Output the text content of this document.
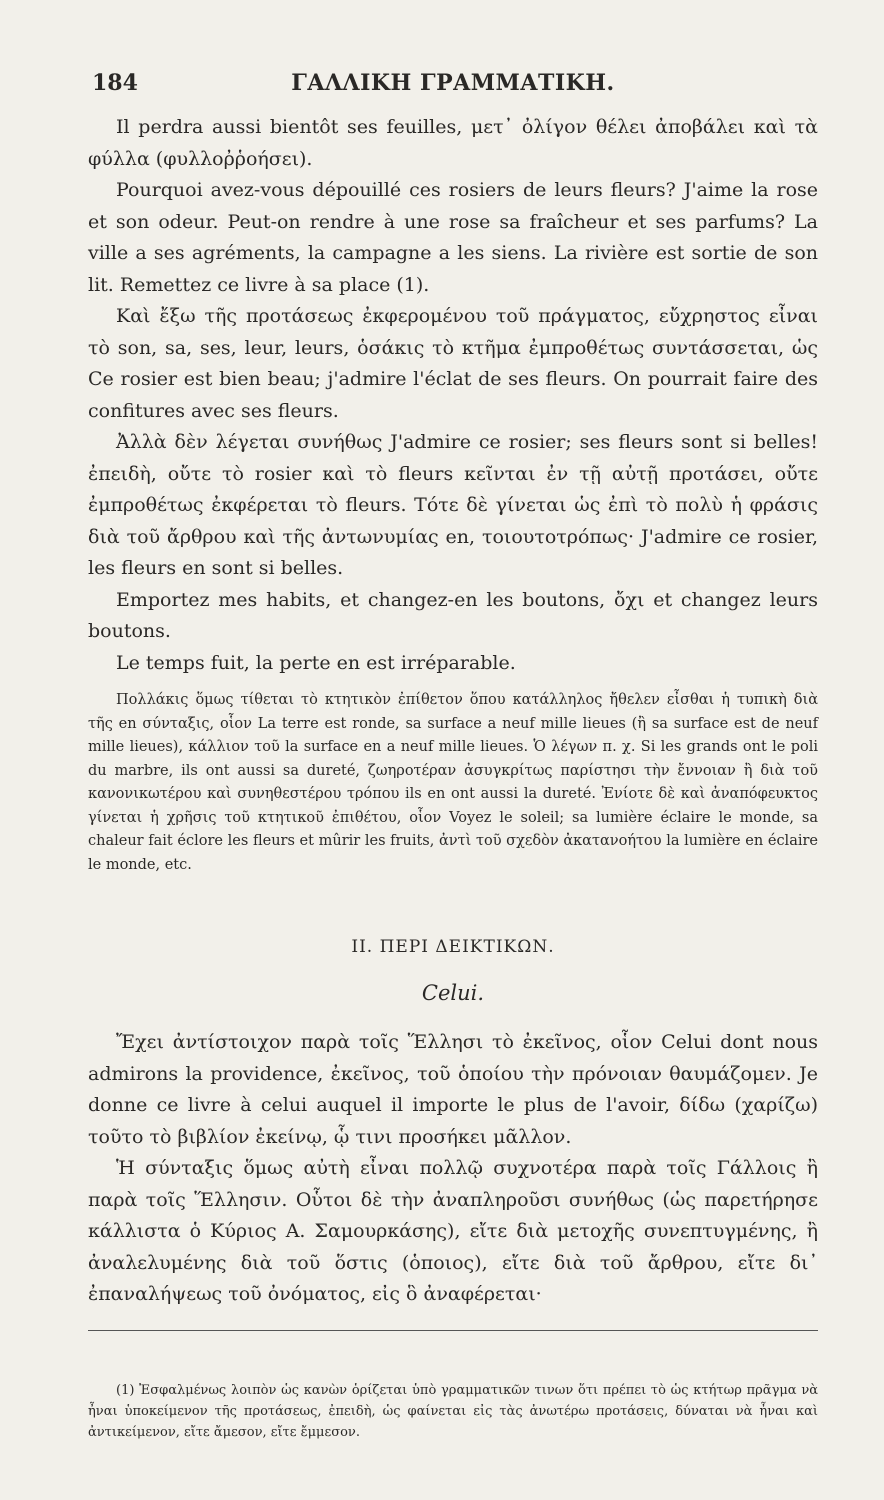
184	ΓΑΛΛΙΚΗ ΓΡΑΜΜΑΤΙΚΗ.

Il perdra aussi bientôt ses feuilles, μετ᾽ ὀλίγον θέλει ἀποβάλει καὶ τὰ φύλλα (φυλλοῤῥοήσει).

Pourquoi avez-vous dépouillé ces rosiers de leurs fleurs? J'aime la rose et son odeur. Peut-on rendre à une rose sa fraîcheur et ses parfums? La ville a ses agréments, la campagne a les siens. La rivière est sortie de son lit. Remettez ce livre à sa place (1).

Καὶ ἔξω τῆς προτάσεως ἐκφερομένου τοῦ πράγματος, εὔχρηστος εἶναι τὸ son, sa, ses, leur, leurs, ὁσάκις τὸ κτῆμα ἐμπροθέτως συντάσσεται, ὡς Ce rosier est bien beau; j'admire l'éclat de ses fleurs. On pourrait faire des confitures avec ses fleurs.

Ἀλλὰ δὲν λέγεται συνήθως J'admire ce rosier; ses fleurs sont si belles! ἐπειδὴ, οὔτε τὸ rosier καὶ τὸ fleurs κεῖνται ἐν τῇ αὐτῇ προτάσει, οὔτε ἐμπροθέτως ἐκφέρεται τὸ fleurs. Τότε δὲ γίνεται ὡς ἐπὶ τὸ πολὺ ἡ φράσις διὰ τοῦ ἄρθρου καὶ τῆς ἀντωνυμίας en, τοιουτοτρόπως· J'admire ce rosier, les fleurs en sont si belles.

Emportez mes habits, et changez-en les boutons, ὄχι et changez leurs boutons.

Le temps fuit, la perte en est irréparable.

Πολλάκις ὅμως τίθεται τὸ κτητικὸν ἐπίθετον ὅπου κατάλληλος ἤθελεν εἶσθαι ἡ τυπικὴ διὰ τῆς en σύνταξις, οἷον La terre est ronde, sa surface a neuf mille lieues (ἢ sa surface est de neuf mille lieues), κάλλιον τοῦ la surface en a neuf mille lieues. Ὁ λέγων π. χ. Si les grands ont le poli du marbre, ils ont aussi sa dureté, ζωηροτέραν ἀσυγκρίτως παρίστησι τὴν ἔννοιαν ἢ διὰ τοῦ κανονικωτέρου καὶ συνηθεστέρου τρόπου ils en ont aussi la dureté. Ἐνίοτε δὲ καὶ ἀναπόφευκτος γίνεται ἡ χρῆσις τοῦ κτητικοῦ ἐπιθέτου, οἷον Voyez le soleil; sa lumière éclaire le monde, sa chaleur fait éclore les fleurs et mûrir les fruits, ἀντὶ τοῦ σχεδὸν ἀκατανοήτου la lumière en éclaire le monde, etc.

II. ΠΕΡΙ ΔΕΙΚΤΙΚΩΝ.
Celui.

Ἔχει ἀντίστοιχον παρὰ τοῖς Ἕλλησι τὸ ἐκεῖνος, οἷον Celui dont nous admirons la providence, ἐκεῖνος, τοῦ ὁποίου τὴν πρόνοιαν θαυμάζομεν. Je donne ce livre à celui auquel il importe le plus de l'avoir, δίδω (χαρίζω) τοῦτο τὸ βιβλίον ἐκείνῳ, ᾧ τινι προσήκει μᾶλλον.

Ἡ σύνταξις ὅμως αὐτὴ εἶναι πολλῷ συχνοτέρα παρὰ τοῖς Γάλλοις ἢ παρὰ τοῖς Ἕλλησιν. Οὗτοι δὲ τὴν ἀναπληροῦσι συνήθως (ὡς παρετήρησε κάλλιστα ὁ Κύριος Α. Σαμουρκάσης), εἴτε διὰ μετοχῆς συνεπτυγμένης, ἢ ἀναλελυμένης διὰ τοῦ ὅστις (ὁποιος), εἴτε διὰ τοῦ ἄρθρου, εἴτε δι᾽ ἐπαναλήψεως τοῦ ὀνόματος, εἰς ὃ ἀναφέρεται·

(1) Ἐσφαλμένως λοιπὸν ὡς κανὼν ὁρίζεται ὑπὸ γραμματικῶν τινων ὅτι πρέπει τὸ ὡς κτήτωρ πρᾶγμα νὰ ἦναι ὑποκείμενον τῆς προτάσεως, ἐπειδὴ, ὡς φαίνεται εἰς τὰς ἀνωτέρω προτάσεις, δύναται νὰ ἦναι καὶ ἀντικείμενον, εἴτε ἄμεσον, εἴτε ἔμμεσον.
